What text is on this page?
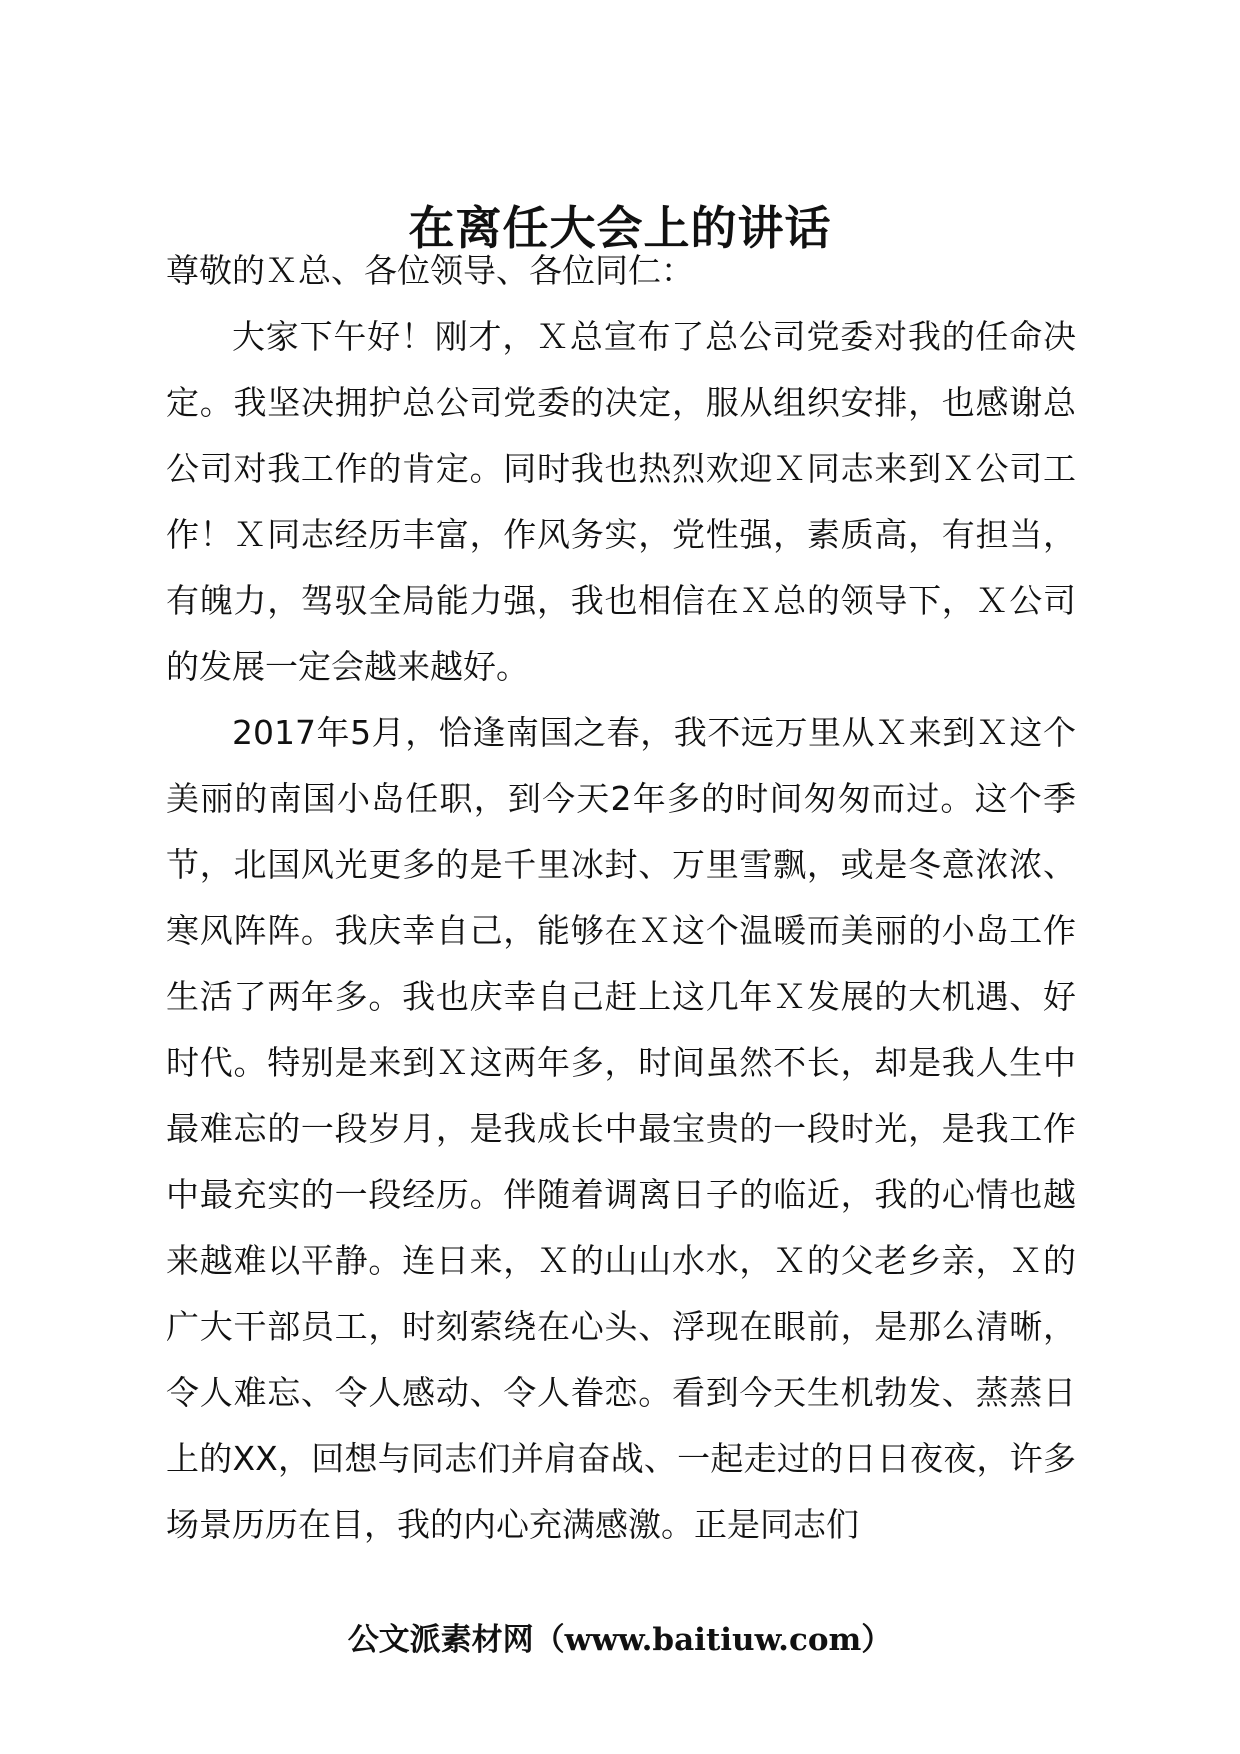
在离任大会上的讲话

尊敬的Ｘ总、各位领导、各位同仁：

大家下午好！刚才，Ｘ总宣布了总公司党委对我的任命决定。我坚决拥护总公司党委的决定，服从组织安排，也感谢总公司对我工作的肯定。同时我也热烈欢迎Ｘ同志来到Ｘ公司工作！Ｘ同志经历丰富，作风务实，党性强，素质高，有担当，有魄力，驾驭全局能力强，我也相信在Ｘ总的领导下，Ｘ公司的发展一定会越来越好。

2017年5月，恰逢南国之春，我不远万里从Ｘ来到Ｘ这个美丽的南国小岛任职，到今天2年多的时间匆匆而过。这个季节，北国风光更多的是千里冰封、万里雪飘，或是冬意浓浓、寒风阵阵。我庆幸自己，能够在Ｘ这个温暖而美丽的小岛工作生活了两年多。我也庆幸自己赶上这几年Ｘ发展的大机遇、好时代。特别是来到Ｘ这两年多，时间虽然不长，却是我人生中最难忘的一段岁月，是我成长中最宝贵的一段时光，是我工作中最充实的一段经历。伴随着调离日子的临近，我的心情也越来越难以平静。连日来，Ｘ的山山水水，Ｘ的父老乡亲，Ｘ的广大干部员工，时刻萦绕在心头、浮现在眼前，是那么清晰，令人难忘、令人感动、令人眷恋。看到今天生机勃发、蒸蒸日上的XX，回想与同志们并肩奋战、一起走过的日日夜夜，许多场景历历在目，我的内心充满感激。正是同志们

公文派素材网（www.baitiuw.com）
